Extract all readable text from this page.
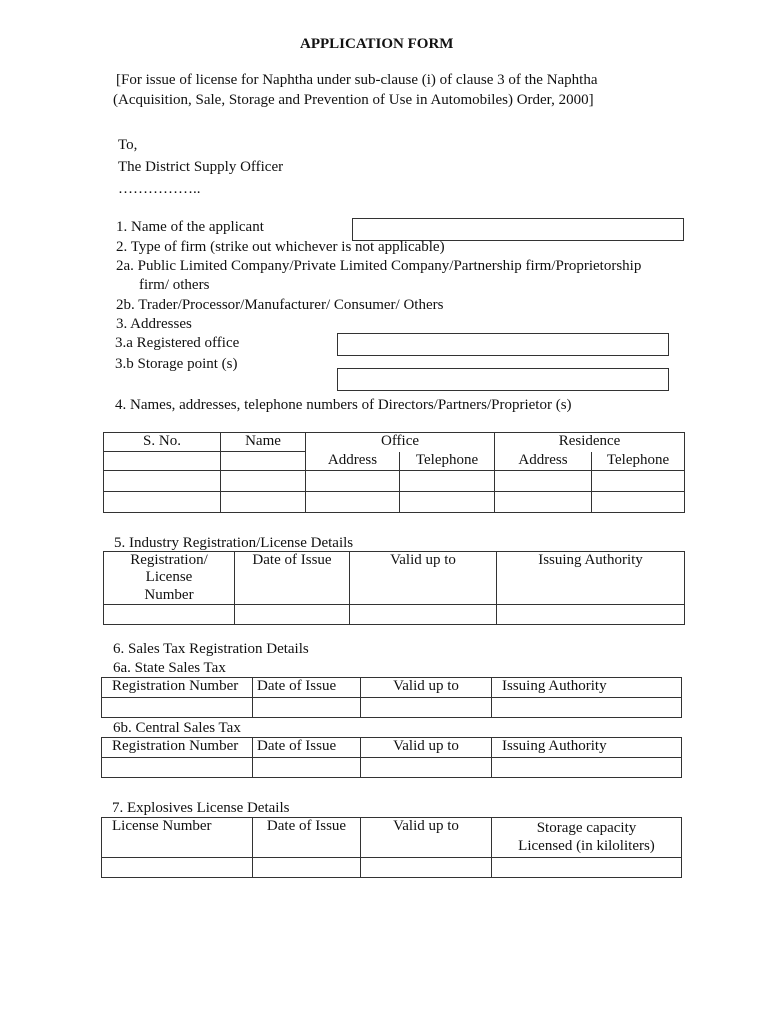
APPLICATION FORM
[For issue of license for Naphtha under sub-clause (i) of clause 3 of the Naphtha
(Acquisition, Sale, Storage and Prevention of Use in Automobiles) Order, 2000]
To,
The District Supply Officer
……………..
1. Name of the applicant
2. Type of firm (strike out whichever is not applicable)
2a. Public Limited Company/Private Limited Company/Partnership firm/Proprietorship
firm/ others
2b. Trader/Processor/Manufacturer/ Consumer/ Others
3. Addresses
3.a Registered office
3.b Storage point (s)
4. Names, addresses, telephone numbers of Directors/Partners/Proprietor (s)
S. No.	Name	Office		Residence	
		Address	Telephone	Address	Telephone

5. Industry Registration/License Details
Registration/
License
Number	Date of Issue	Valid up to	Issuing Authority

6. Sales Tax Registration Details
6a. State Sales Tax
Registration Number	Date of Issue	Valid up to	Issuing Authority

6b. Central Sales Tax
Registration Number	Date of Issue	Valid up to	Issuing Authority

7. Explosives License Details
License Number	Date of Issue	Valid up to	Storage capacity
Licensed (in kiloliters)
